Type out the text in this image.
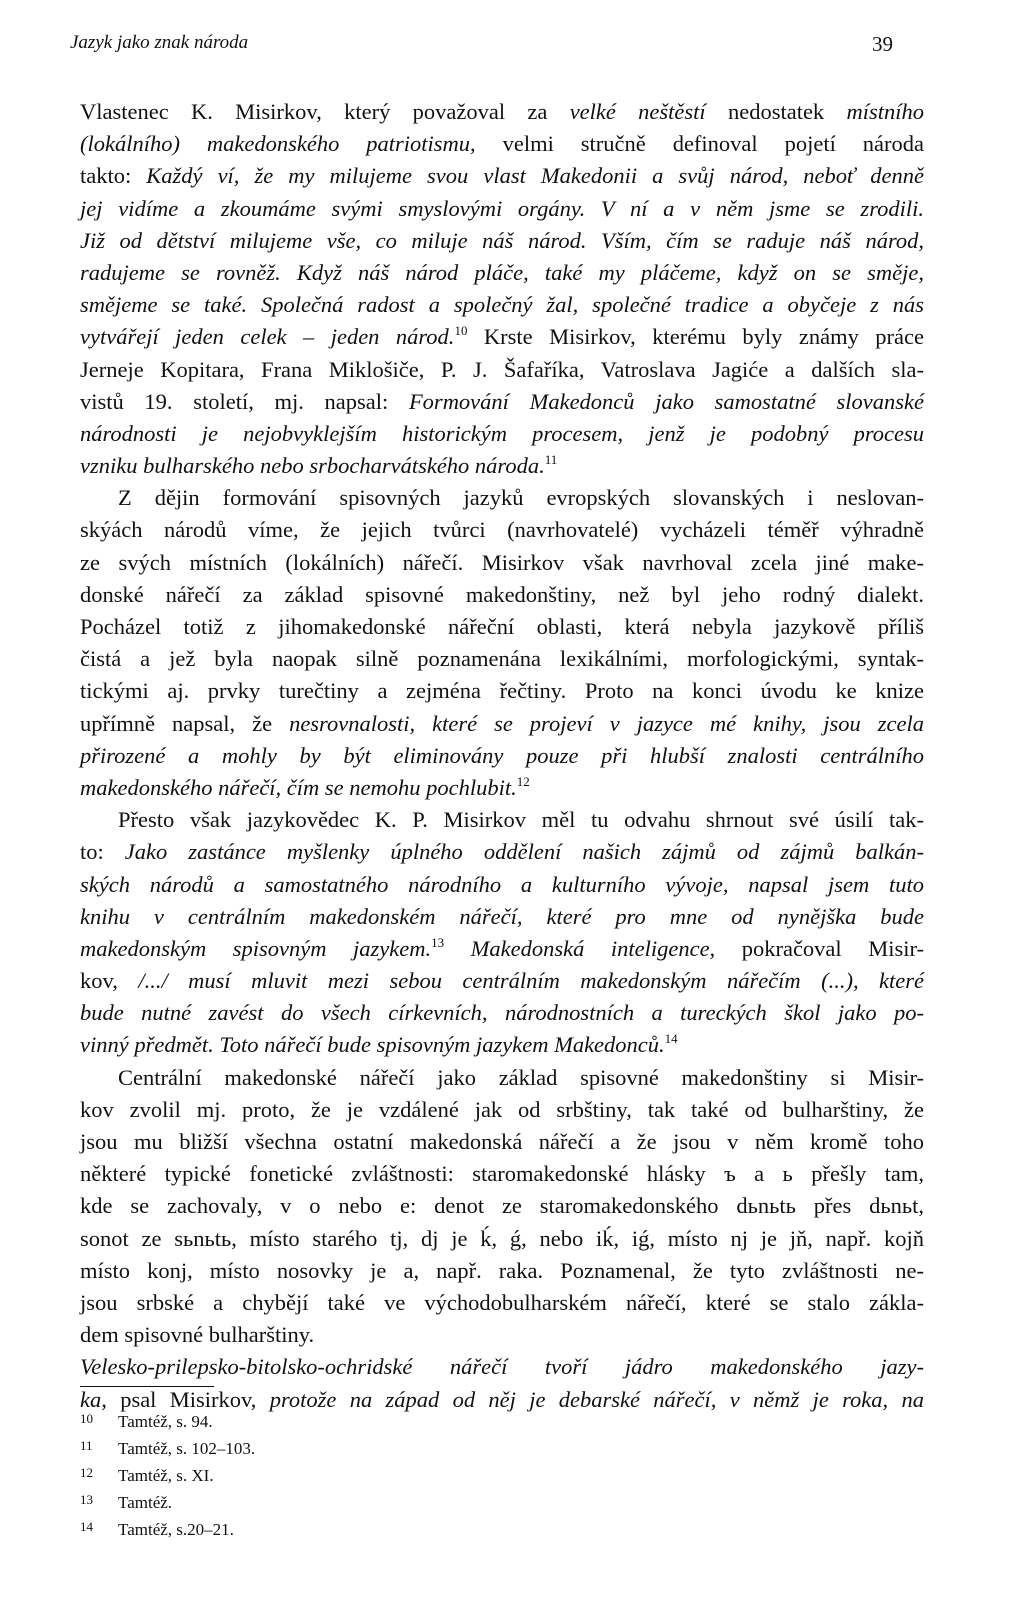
Jazyk jako znak národa	39
Vlastenec K. Misirkov, který považoval za velké neštěstí nedostatek místního
(lokálního) makedonského patriotismu, velmi stručně definoval pojetí národa
takto: Každý ví, že my milujeme svou vlast Makedonii a svůj národ, neboť denně
jej vidíme a zkoumáme svými smyslovými orgány. V ní a v něm jsme se zrodili.
Již od dětství milujeme vše, co miluje náš národ. Vším, čím se raduje náš národ,
radujeme se rovněž. Když náš národ pláče, také my pláčeme, když on se směje,
smějeme se také. Společná radost a společný žal, společné tradice a obyčeje z nás
vytvářejí jeden celek – jeden národ.$^{10}$ Krste Misirkov, kterému byly známy práce
Jerneje Kopitara, Frana Miklošiče, P. J. Šafaříka, Vatroslava Jagiće a dalších sla-
vistů 19. století, mj. napsal: Formování Makedonců jako samostatné slovanské
národnosti je nejobvyklejším historickým procesem, jenž je podobný procesu
vzniku bulharského nebo srbocharvátského národa.$^{11}$
Z dějin formování spisovných jazyků evropských slovanských i neslovan-
skýách národů víme, že jejich tvůrci (navrhovatelé) vycházeli téměř výhradně
ze svých místních (lokálních) nářečí. Misirkov však navrhoval zcela jiné make-
donské nářečí za základ spisovné makedonštiny, než byl jeho rodný dialekt.
Pocházel totiž z jihomakedonské nářeční oblasti, která nebyla jazykově příliš
čistá a jež byla naopak silně poznamenána lexikálními, morfologickými, syntak-
tickými aj. prvky turečtiny a zejména řečtiny. Proto na konci úvodu ke knize
upřímně napsal, že nesrovnalosti, které se projeví v jazyce mé knihy, jsou zcela
přirozené a mohly by být eliminovány pouze při hlubší znalosti centrálního
makedonského nářečí, čím se nemohu pochlubit.$^{12}$
Přesto však jazykovědec K. P. Misirkov měl tu odvahu shrnout své úsilí tak-
to: Jako zastánce myšlenky úplného oddělení našich zájmů od zájmů balkán-
ských národů a samostatného národního a kulturního vývoje, napsal jsem tuto
knihu v centrálním makedonském nářečí, které pro mne od nynějška bude
makedonským spisovným jazykem.$^{13}$ Makedonská inteligence, pokračoval Misir-
kov, /.../ musí mluvit mezi sebou centrálním makedonským nářečím (...), které
bude nutné zavést do všech církevních, národnostních a tureckých škol jako po-
vinný předmět. Toto nářečí bude spisovným jazykem Makedonců.$^{14}$
Centrální makedonské nářečí jako základ spisovné makedonštiny si Misir-
kov zvolil mj. proto, že je vzdálené jak od srbštiny, tak také od bulharštiny, že
jsou mu bližší všechna ostatní makedonská nářečí a že jsou v něm kromě toho
některé typické fonetické zvláštnosti: staromakedonské hlásky ъ a ь přešly tam,
kde se zachovaly, v o nebo e: denot ze staromakedonského dьnьtь přes dьnьt,
sonot ze sьnьtь, místo starého tj, dj je ḱ, ǵ, nebo iḱ, iǵ, místo nj je jň, např. kojň
místo konj, místo nosovky je a, např. raka. Poznamenal, že tyto zvláštnosti ne-
jsou srbské a chybějí také ve východobulharském nářečí, které se stalo zákla-
dem spisovné bulharštiny.
Velesko-prilepsko-bitolsko-ochridské nářečí tvoří jádro makedonského jazy-
ka, psal Misirkov, protože na západ od něj je debarské nářečí, v němž je roka, na
10 Tamtéž, s. 94.
11 Tamtéž, s. 102–103.
12 Tamtéž, s. XI.
13 Tamtéž.
14 Tamtéž, s.20–21.
